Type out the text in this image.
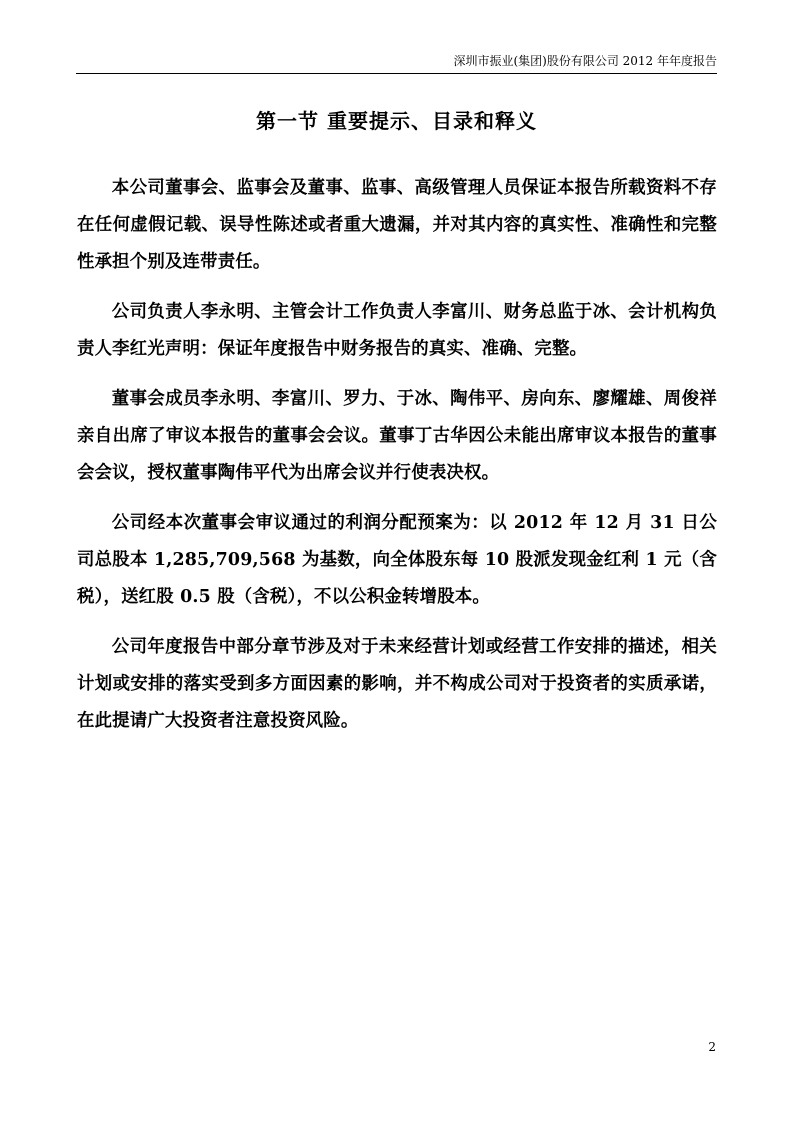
深圳市振业(集团)股份有限公司 2012 年年度报告
第一节 重要提示、目录和释义

本公司董事会、监事会及董事、监事、高级管理人员保证本报告所载资料不存在任何虚假记载、误导性陈述或者重大遗漏，并对其内容的真实性、准确性和完整性承担个别及连带责任。

公司负责人李永明、主管会计工作负责人李富川、财务总监于冰、会计机构负责人李红光声明：保证年度报告中财务报告的真实、准确、完整。

董事会成员李永明、李富川、罗力、于冰、陶伟平、房向东、廖耀雄、周俊祥亲自出席了审议本报告的董事会会议。董事丁古华因公未能出席审议本报告的董事会会议，授权董事陶伟平代为出席会议并行使表决权。

公司经本次董事会审议通过的利润分配预案为：以 2012 年 12 月 31 日公司总股本 1,285,709,568 为基数，向全体股东每 10 股派发现金红利 1 元（含税），送红股 0.5 股（含税），不以公积金转增股本。

公司年度报告中部分章节涉及对于未来经营计划或经营工作安排的描述，相关计划或安排的落实受到多方面因素的影响，并不构成公司对于投资者的实质承诺，在此提请广大投资者注意投资风险。

2
